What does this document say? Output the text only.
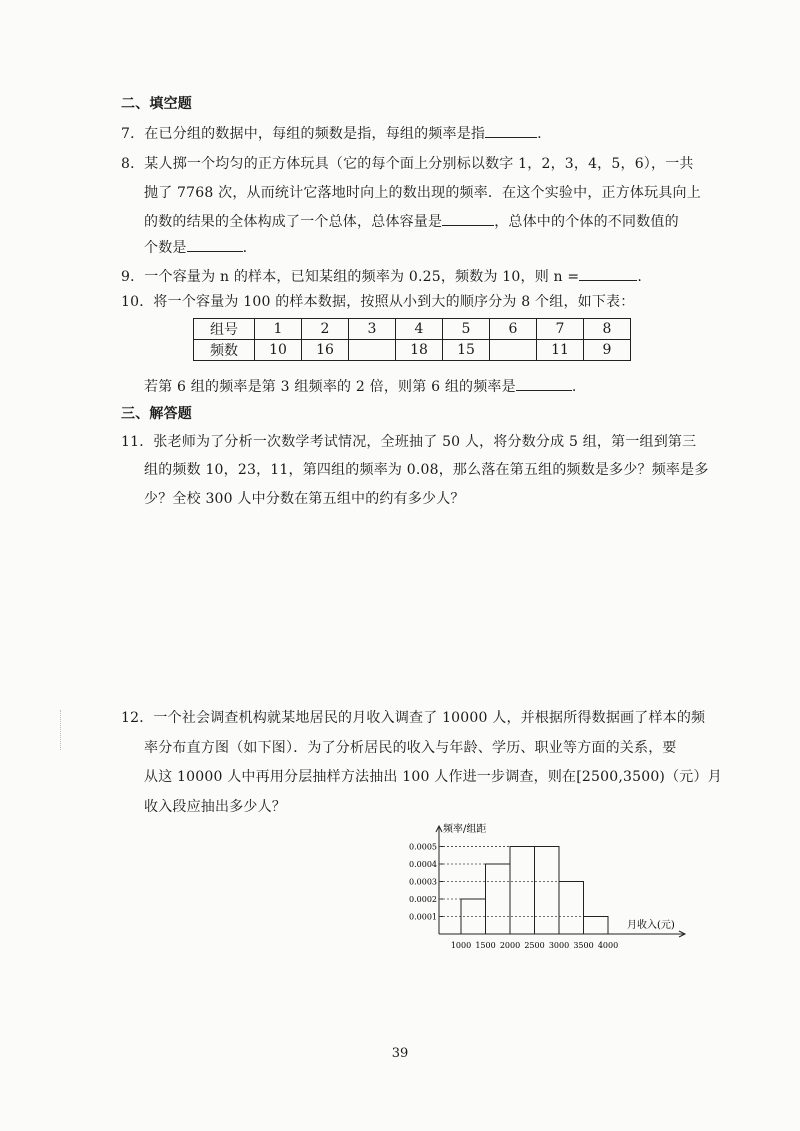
二、填空题
7．在已分组的数据中，每组的频数是指，每组的频率是指	.
8．某人掷一个均匀的正方体玩具（它的每个面上分别标以数字 1，2，3，4，5，6），一共
抛了 7768 次，从而统计它落地时向上的数出现的频率．在这个实验中，正方体玩具向上
的数的结果的全体构成了一个总体，总体容量是	，总体中的个体的不同数值的
个数是	.
9．一个容量为 n 的样本，已知某组的频率为 0.25，频数为 10，则 n =	.
10．将一个容量为 100 的样本数据，按照从小到大的顺序分为 8 个组，如下表：
组号	1	2	3	4	5	6	7	8
频数	10	16		18	15		11	9
若第 6 组的频率是第 3 组频率的 2 倍，则第 6 组的频率是	.
三、解答题
11．张老师为了分析一次数学考试情况，全班抽了 50 人，将分数分成 5 组，第一组到第三
组的频数 10，23，11，第四组的频率为 0.08，那么落在第五组的频数是多少？频率是多
少？全校 300 人中分数在第五组中的约有多少人？
12．一个社会调查机构就某地居民的月收入调查了 10000 人，并根据所得数据画了样本的频
率分布直方图（如下图）．为了分析居民的收入与年龄、学历、职业等方面的关系，要
从这 10000 人中再用分层抽样方法抽出 100 人作进一步调查，则在[2500,3500)（元）月
收入段应抽出多少人？
0.0001
0.0002
0.0003
0.0004
0.0005
1000 1500 2000 2500 3000 3500 4000
频率/组距
月收入(元)
39
